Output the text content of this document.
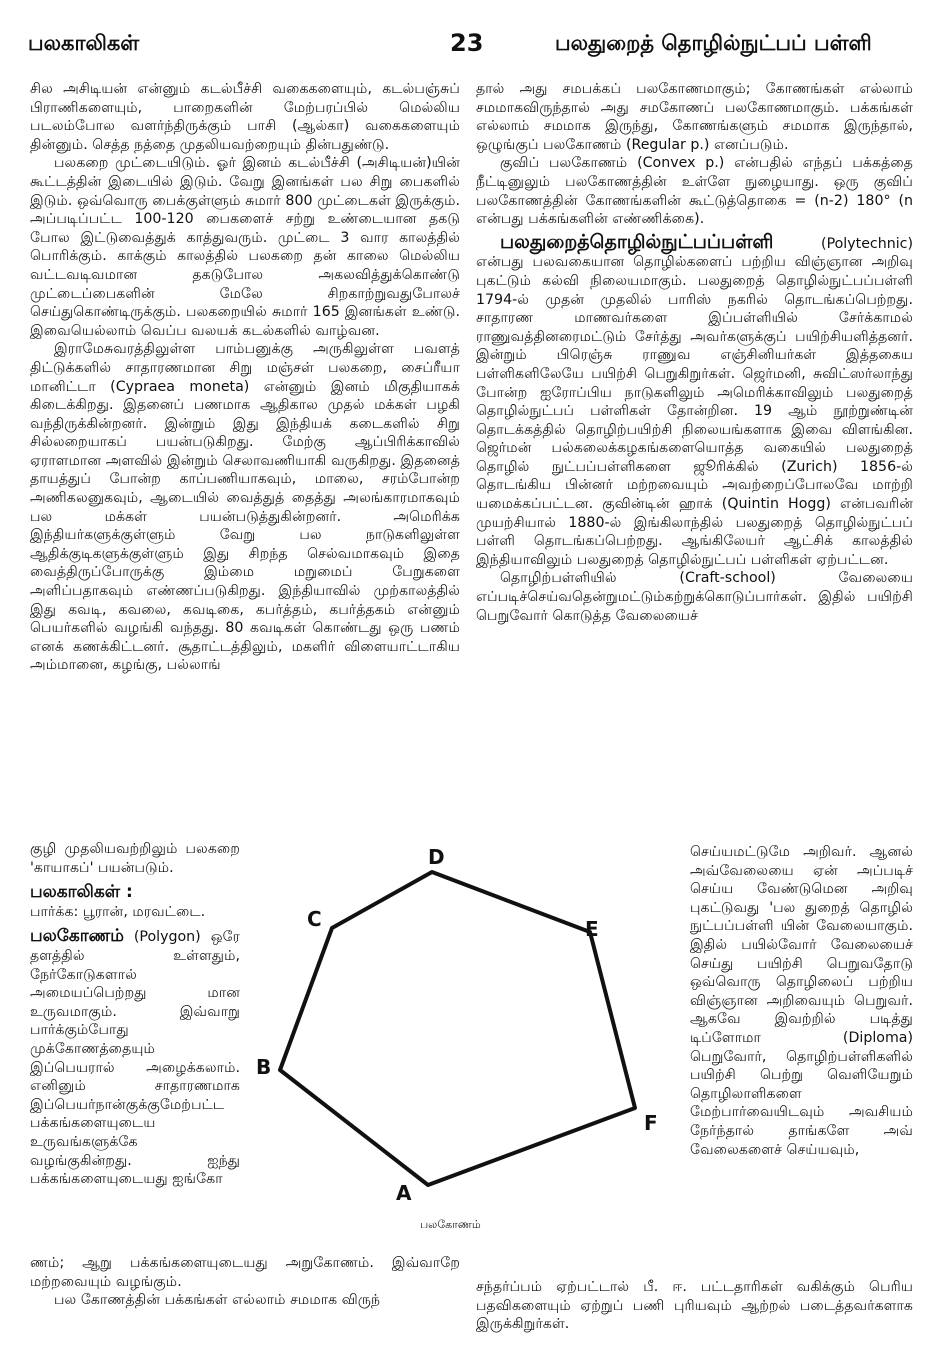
பலகாலிகள்	23	பலதுறைத் தொழில்நுட்பப் பள்ளி

சில அசிடியன் என்னும் கடல்பீச்சி வகைகளையும், கடல்பஞ்சுப் பிராணிகளையும், பாறைகளின் மேற்பரப்பில் மெல்லிய படலம்போல வளர்ந்திருக்கும் பாசி (ஆல்கா) வகைகளையும் தின்னும். செத்த நத்தை முதலியவற்றையும் தின்பதுண்டு.

பலகறை முட்டையிடும். ஓர் இனம் கடல்பீச்சி (அசிடியன்)யின் கூட்டத்தின் இடையில் இடும். வேறு இனங்கள் பல சிறு பைகளில் இடும். ஒவ்வொரு பைக்குள்ளும் சுமார் 800 முட்டைகள் இருக்கும். அப்படிப்பட்ட 100-120 பைகளைச் சற்று உண்டையான தகடு போல இட்டுவைத்துக் காத்துவரும். முட்டை 3 வார காலத்தில் பொரிக்கும். காக்கும் காலத்தில் பலகறை தன் காலை மெல்லிய வட்டவடிவமான தகடுபோல அகலவித்துக்கொண்டு முட்டைப்பைகளின் மேலே சிறகாற்றுவதுபோலச் செய்துகொண்டிருக்கும். பலகறையில் சுமார் 165 இனங்கள் உண்டு. இவையெல்லாம் வெப்ப வலயக் கடல்களில் வாழ்வன.

இராமேசுவரத்திலுள்ள பாம்பனுக்கு அருகிலுள்ள பவளத் திட்டுக்களில் சாதாரணமான சிறு மஞ்சள் பலகறை, சைப்ரீயா மானிட்டா (Cypraea moneta) என்னும் இனம் மிகுதியாகக் கிடைக்கிறது. இதனைப் பணமாக ஆதிகால முதல் மக்கள் பழகி வந்திருக்கின்றனர். இன்றும் இது இந்தியக் கடைகளில் சிறு சில்லறையாகப் பயன்படுகிறது. மேற்கு ஆப்பிரிக்காவில் ஏராளமான அளவில் இன்றும் செலாவணியாகி வருகிறது. இதனைத் தாயத்துப் போன்ற காப்பணியாகவும், மாலை, சரம்போன்ற அணிகலனுகவும், ஆடையில் வைத்துத் தைத்து அலங்காரமாகவும் பல மக்கள் பயன்படுத்துகின்றனர். அமெரிக்க இந்தியர்களுக்குள்ளும் வேறு பல நாடுகளிலுள்ள ஆதிக்குடிகளுக்குள்ளும் இது சிறந்த செல்வமாகவும் இதை வைத்திருப்போருக்கு இம்மை மறுமைப் பேறுகளை அளிப்பதாகவும் எண்ணப்படுகிறது. இந்தியாவில் முற்காலத்தில் இது கவடி, கவலை, கவடிகை, கபர்த்தம், கபர்த்தகம் என்னும் பெயர்களில் வழங்கி வந்தது. 80 கவடிகள் கொண்டது ஒரு பணம் எனக் கணக்கிட்டனர். சூதாட்டத்திலும், மகளிர் விளையாட்டாகிய அம்மானை, கழங்கு, பல்லாங்

குழி முதலியவற்றிலும் பலகறை 'காயாகப்' பயன்படும்.

பலகாலிகள் :

பார்க்க: பூரான், மரவட்டை.

பலகோணம் (Polygon) ஒரே தளத்தில் உள்ளதும், நேர்கோடுகளால் அமையப்பெற்றது மான உருவமாகும். இவ்வாறு பார்க்கும்போது முக்கோணத்தையும் இப்பெயரால் அழைக்கலாம். எனினும் சாதாரணமாக இப்பெயர்நான்குக்குமேற்பட்ட பக்கங்களையுடைய உருவங்களுக்கே வழங்குகின்றது. ஐந்து பக்கங்களையுடையது ஐங்கோ

ணம்; ஆறு பக்கங்களையுடையது அறுகோணம். இவ்வாறே மற்றவையும் வழங்கும்.

பல கோணத்தின் பக்கங்கள் எல்லாம் சமமாக விருந்

தால் அது சமபக்கப் பலகோணமாகும்; கோணங்கள் எல்லாம் சமமாகவிருந்தால் அது சமகோணப் பலகோணமாகும். பக்கங்கள் எல்லாம் சமமாக இருந்து, கோணங்களும் சமமாக இருந்தால், ஒழுங்குப் பலகோணம் (Regular p.) எனப்படும்.

குவிப் பலகோணம் (Convex p.) என்பதில் எந்தப் பக்கத்தை நீட்டினுலும் பலகோணத்தின் உள்ளே நுழையாது. ஒரு குவிப் பலகோணத்தின் கோணங்களின் கூட்டுத்தொகை = (n-2) 180° (n என்பது பக்கங்களின் எண்ணிக்கை).

பலதுறைத்தொழில்நுட்பப்பள்ளி (Polytechnic) என்பது பலவகையான தொழில்களைப் பற்றிய விஞ்ஞான அறிவு புகட்டும் கல்வி நிலையமாகும். பலதுறைத் தொழில்நுட்பப்பள்ளி 1794-ல் முதன் முதலில் பாரிஸ் நகரில் தொடங்கப்பெற்றது. சாதாரண மாணவர்களை இப்பள்ளியில் சேர்க்காமல் ராணுவத்தினரைமட்டும் சேர்த்து அவர்களுக்குப் பயிற்சியளித்தனர். இன்றும் பிரெஞ்சு ராணுவ எஞ்சினியர்கள் இத்தகைய பள்ளிகளிலேயே பயிற்சி பெறுகிறுர்கள். ஜெர்மனி, சுவிட்ஸர்லாந்து போன்ற ஐரோப்பிய நாடுகளிலும் அமெரிக்காவிலும் பலதுறைத் தொழில்நுட்பப் பள்ளிகள் தோன்றின. 19 ஆம் நூற்றுண்டின் தொடக்கத்தில் தொழிற்பயிற்சி நிலையங்களாக இவை விளங்கின. ஜெர்மன் பல்கலைக்கழகங்களையொத்த வகையில் பலதுறைத் தொழில் நுட்பப்பள்ளிகளை ஜூரிக்கில் (Zurich) 1856-ல் தொடங்கிய பின்னர் மற்றவையும் அவற்றைப்போலவே மாற்றி யமைக்கப்பட்டன. குவின்டின் ஹாக் (Quintin Hogg) என்பவரின் முயற்சியால் 1880-ல் இங்கிலாந்தில் பலதுறைத் தொழில்நுட்பப் பள்ளி தொடங்கப்பெற்றது. ஆங்கிலேயர் ஆட்சிக் காலத்தில் இந்தியாவிலும் பலதுறைத் தொழில்நுட்பப் பள்ளிகள் ஏற்பட்டன.

தொழிற்பள்ளியில் (Craft-school) வேலையை எப்படிச்செய்வதென்றுமட்டும்கற்றுக்கொடுப்பார்கள். இதில் பயிற்சி பெறுவோர் கொடுத்த வேலையைச்

செய்யமட்டுமே அறிவர். ஆனல் அவ்வேலையை ஏன் அப்படிச் செய்ய வேண்டுமென அறிவு புகட்டுவது 'பல துறைத் தொழில் நுட்பப்பள்ளி யின் வேலையாகும். இதில் பயில்வோர் வேலையைச் செய்து பயிற்சி பெறுவதோடு ஒவ்வொரு தொழிலைப் பற்றிய விஞ்ஞான அறிவையும் பெறுவர். ஆகவே இவற்றில் படித்து டிப்ளோமா (Diploma) பெறுவோர், தொழிற்பள்ளிகளில் பயிற்சி பெற்று வெளியேறும் தொழிலாளிகளை மேற்பார்வையிடவும் அவசியம் நேர்ந்தால் தாங்களே அவ் வேலைகளைச் செய்யவும்,

சந்தர்ப்பம் ஏற்பட்டால் பீ. ஈ. பட்டதாரிகள் வகிக்கும் பெரிய பதவிகளையும் ஏற்றுப் பணி புரியவும் ஆற்றல் படைத்தவர்களாக இருக்கிறுர்கள்.

A
B
C
D
E
F
பலகோணம்
